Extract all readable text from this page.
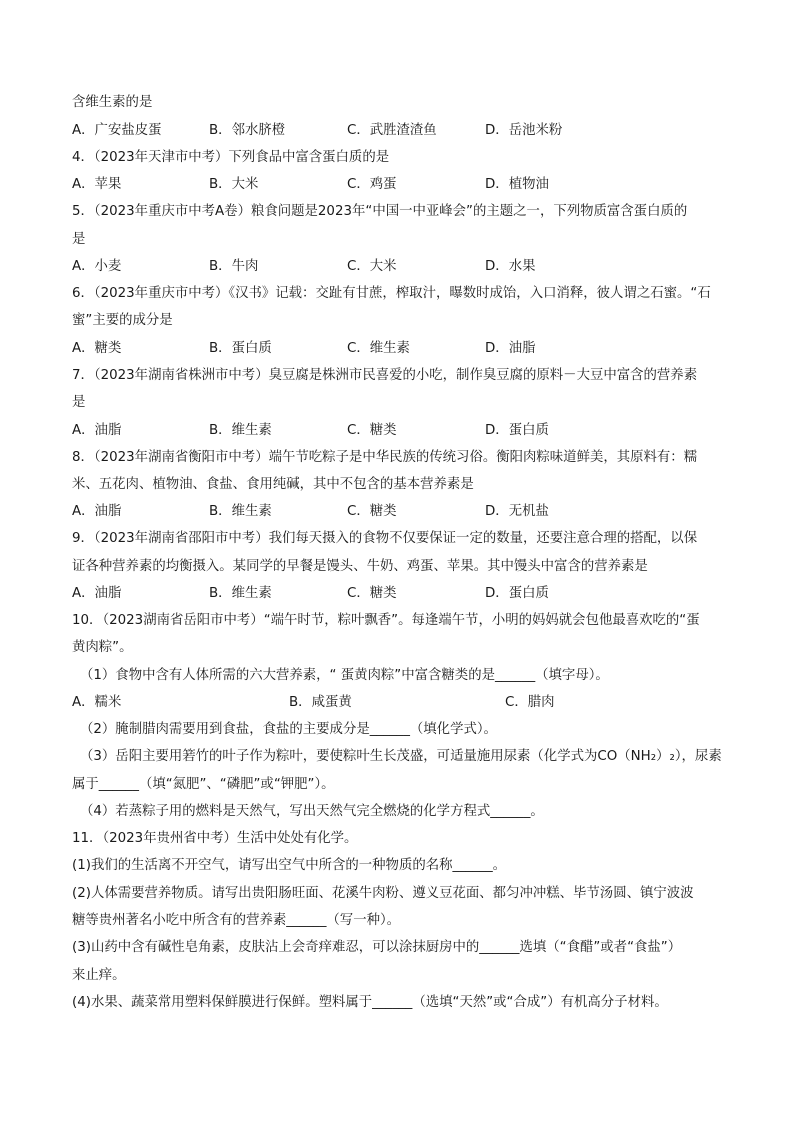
含维生素的是
A．广安盐皮蛋	B．邻水脐橙	C．武胜渣渣鱼	D．岳池米粉
4．（2023年天津市中考）下列食品中富含蛋白质的是
A．苹果	B．大米	C．鸡蛋	D．植物油
5．（2023年重庆市中考A卷）粮食问题是2023年“中国一中亚峰会”的主题之一，下列物质富含蛋白质的
是
A．小麦	B．牛肉	C．大米	D．水果
6．（2023年重庆市中考）《汉书》记载：交趾有甘蔗，榨取汁，曝数时成饴，入口消释，彼人谓之石蜜。“石
蜜”主要的成分是
A．糖类	B．蛋白质	C．维生素	D．油脂
7．（2023年湖南省株洲市中考）臭豆腐是株洲市民喜爱的小吃，制作臭豆腐的原料－大豆中富含的营养素
是
A．油脂	B．维生素	C．糖类	D．蛋白质
8．（2023年湖南省衡阳市中考）端午节吃粽子是中华民族的传统习俗。衡阳肉粽味道鲜美，其原料有：糯
米、五花肉、植物油、食盐、食用纯碱，其中不包含的基本营养素是
A．油脂	B．维生素	C．糖类	D．无机盐
9．（2023年湖南省邵阳市中考）我们每天摄入的食物不仅要保证一定的数量，还要注意合理的搭配，以保
证各种营养素的均衡摄入。某同学的早餐是馒头、牛奶、鸡蛋、苹果。其中馒头中富含的营养素是
A．油脂	B．维生素	C．糖类	D．蛋白质
10．（2023湖南省岳阳市中考）“端午时节，粽叶飘香”。每逢端午节，小明的妈妈就会包他最喜欢吃的“蛋
黄肉粽”。
（1）食物中含有人体所需的六大营养素，“ 蛋黄肉粽”中富含糖类的是______（填字母）。
A．糯米	B．咸蛋黄	C．腊肉
（2）腌制腊肉需要用到食盐，食盐的主要成分是______（填化学式）。
（3）岳阳主要用箬竹的叶子作为粽叶，要使粽叶生长茂盛，可适量施用尿素（化学式为CO（NH₂）₂），尿素
属于______（填“氮肥”、“磷肥”或“钾肥”）。
（4）若蒸粽子用的燃料是天然气，写出天然气完全燃烧的化学方程式______。
11．（2023年贵州省中考）生活中处处有化学。
(1)我们的生活离不开空气，请写出空气中所含的一种物质的名称______。
(2)人体需要营养物质。请写出贵阳肠旺面、花溪牛肉粉、遵义豆花面、都匀冲冲糕、毕节汤圆、镇宁波波
糖等贵州著名小吃中所含有的营养素______（写一种）。
(3)山药中含有碱性皂角素，皮肤沾上会奇痒难忍，可以涂抹厨房中的______选填（“食醋”或者“食盐”）
来止痒。
(4)水果、蔬菜常用塑料保鲜膜进行保鲜。塑料属于______（选填“天然”或“合成”）有机高分子材料。
